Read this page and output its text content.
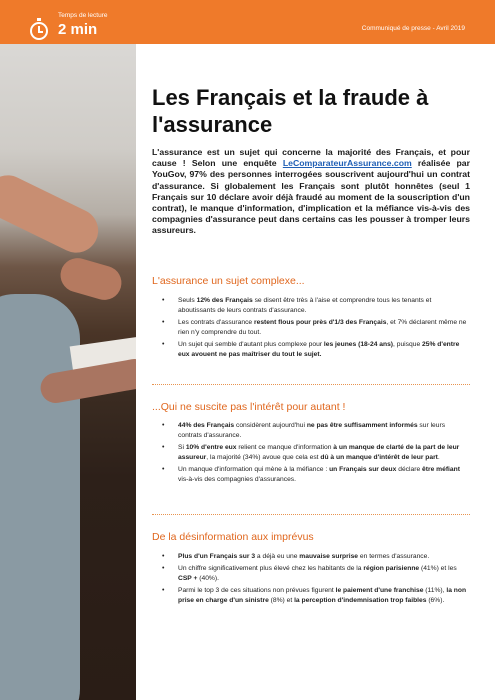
Temps de lecture
2 min	Communiqué de presse - Avril 2019
Les Français et la fraude à l'assurance

L'assurance est un sujet qui concerne la majorité des Français, et pour cause ! Selon une enquête LeComparateurAssurance.com réalisée par YouGov, 97% des personnes interrogées souscrivent aujourd'hui un contrat d'assurance. Si globalement les Français sont plutôt honnêtes (seul 1 Français sur 10 déclare avoir déjà fraudé au moment de la souscription d'un contrat), le manque d'information, d'implication et la méfiance vis-à-vis des compagnies d'assurance peut dans certains cas les pousser à tromper leurs assureurs.

L'assurance un sujet complexe...
• Seuls 12% des Français se disent être très à l'aise et comprendre tous les tenants et aboutissants de leurs contrats d'assurance.
• Les contrats d'assurance restent flous pour près d'1/3 des Français, et 7% déclarent même ne rien n'y comprendre du tout.
• Un sujet qui semble d'autant plus complexe pour les jeunes (18-24 ans), puisque 25% d'entre eux avouent ne pas maîtriser du tout le sujet.
...Qui ne suscite pas l'intérêt pour autant !
• 44% des Français considèrent aujourd'hui ne pas être suffisamment informés sur leurs contrats d'assurance.
• Si 10% d'entre eux relient ce manque d'information à un manque de clarté de la part de leur assureur, la majorité (34%) avoue que cela est dû à un manque d'intérêt de leur part.
• Un manque d'information qui mène à la méfiance : un Français sur deux déclare être méfiant vis-à-vis des compagnies d'assurances.
De la désinformation aux imprévus
• Plus d'un Français sur 3 a déjà eu une mauvaise surprise en termes d'assurance.
• Un chiffre significativement plus élevé chez les habitants de la région parisienne (41%) et les CSP + (40%).
• Parmi le top 3 de ces situations non prévues figurent le paiement d'une franchise (11%), la non prise en charge d'un sinistre (8%) et la perception d'indemnisation trop faibles (6%).
